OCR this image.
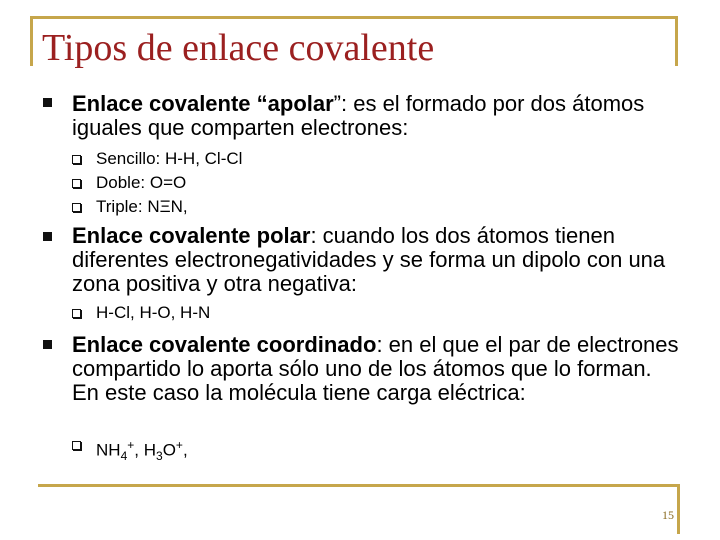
Tipos de enlace covalente
Enlace covalente “apolar”: es el formado por dos átomos iguales que comparten electrones:
Sencillo: H-H, Cl-Cl
Doble: O=O
Triple: NΞN,
Enlace covalente polar: cuando los dos átomos tienen diferentes electronegatividades y se forma un dipolo con una zona positiva y otra negativa:
H-Cl, H-O, H-N
Enlace covalente coordinado: en el que el par de electrones compartido lo aporta sólo uno de los átomos que lo forman. En este caso la molécula tiene carga eléctrica:
$NH_4^+$, $H_3O^+$,
15
